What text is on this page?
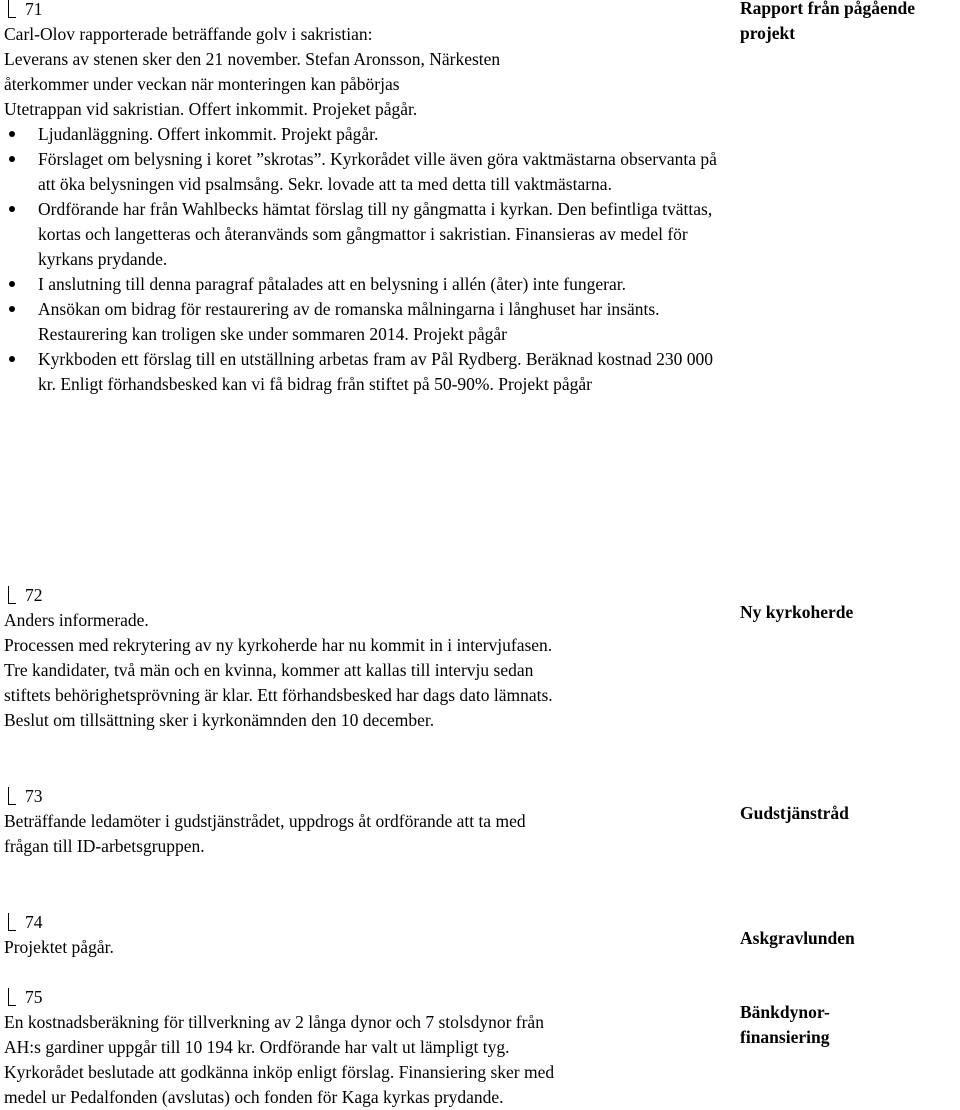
71
Carl-Olov rapporterade beträffande golv i sakristian:
Leverans av stenen sker den 21 november. Stefan Aronsson, Närkesten
återkommer under veckan när monteringen kan påbörjas
Utetrappan vid sakristian. Offert inkommit. Projeket pågår.
Ljudanläggning. Offert inkommit. Projekt pågår.
Förslaget om belysning i koret ”skrotas”. Kyrkorådet ville även göra vaktmästarna observanta på att öka belysningen vid psalmsång. Sekr. lovade att ta med detta till vaktmästarna.
Ordförande har från Wahlbecks hämtat förslag till ny gångmatta i kyrkan. Den befintliga tvättas, kortas och langetteras och återanvänds som gångmattor i sakristian. Finansieras av medel för kyrkans prydande.
I anslutning till denna paragraf påtalades att en belysning i allén (åter) inte fungerar.
Ansökan om bidrag för restaurering av de romanska målningarna i långhuset har insänts. Restaurering kan troligen ske under sommaren 2014. Projekt pågår
Kyrkboden ett förslag till en utställning arbetas fram av Pål Rydberg. Beräknad kostnad 230 000 kr. Enligt förhandsbesked kan vi få bidrag från stiftet på 50-90%. Projekt pågår
Rapport från pågående projekt
72
Anders informerade.
Processen med rekrytering av ny kyrkoherde har nu kommit in i intervjufasen.
Tre kandidater, två män och en kvinna, kommer att kallas till intervju sedan
stiftets behörighetsprövning är klar. Ett förhandsbesked har dags dato lämnats.
Beslut om tillsättning sker i kyrkonämnden den 10 december.
Ny kyrkoherde
73
Beträffande ledamöter i gudstjänstrådet, uppdrogs åt ordförande att ta med
frågan till ID-arbetsgruppen.
Gudstjänstråd
74
Projektet pågår.	Askgravlunden
75
En kostnadsberäkning för tillverkning av 2 långa dynor och 7 stolsdynor från
AH:s gardiner uppgår till 10 194 kr. Ordförande har valt ut lämpligt tyg.
Kyrkorådet beslutade att godkänna inköp enligt förslag. Finansiering sker med
medel ur Pedalfonden (avslutas) och fonden för Kaga kyrkas prydande.
Bänkdynor-
finansiering
